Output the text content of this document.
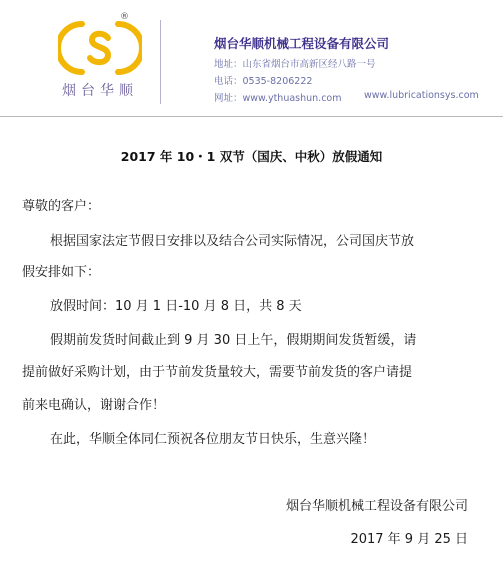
®
烟台华顺
烟台华顺机械工程设备有限公司
地址：山东省烟台市高新区经八路一号
电话：0535-8206222
网址：www.ythuashun.com www.lubricationsys.com
2017 年 10・1 双节（国庆、中秋）放假通知
尊敬的客户：
根据国家法定节假日安排以及结合公司实际情况，公司国庆节放
假安排如下：
放假时间：10 月 1 日-10 月 8 日，共 8 天
假期前发货时间截止到 9 月 30 日上午，假期期间发货暂缓，请
提前做好采购计划，由于节前发货量较大，需要节前发货的客户请提
前来电确认，谢谢合作！
在此，华顺全体同仁预祝各位朋友节日快乐，生意兴隆！
烟台华顺机械工程设备有限公司
2017 年 9 月 25 日
